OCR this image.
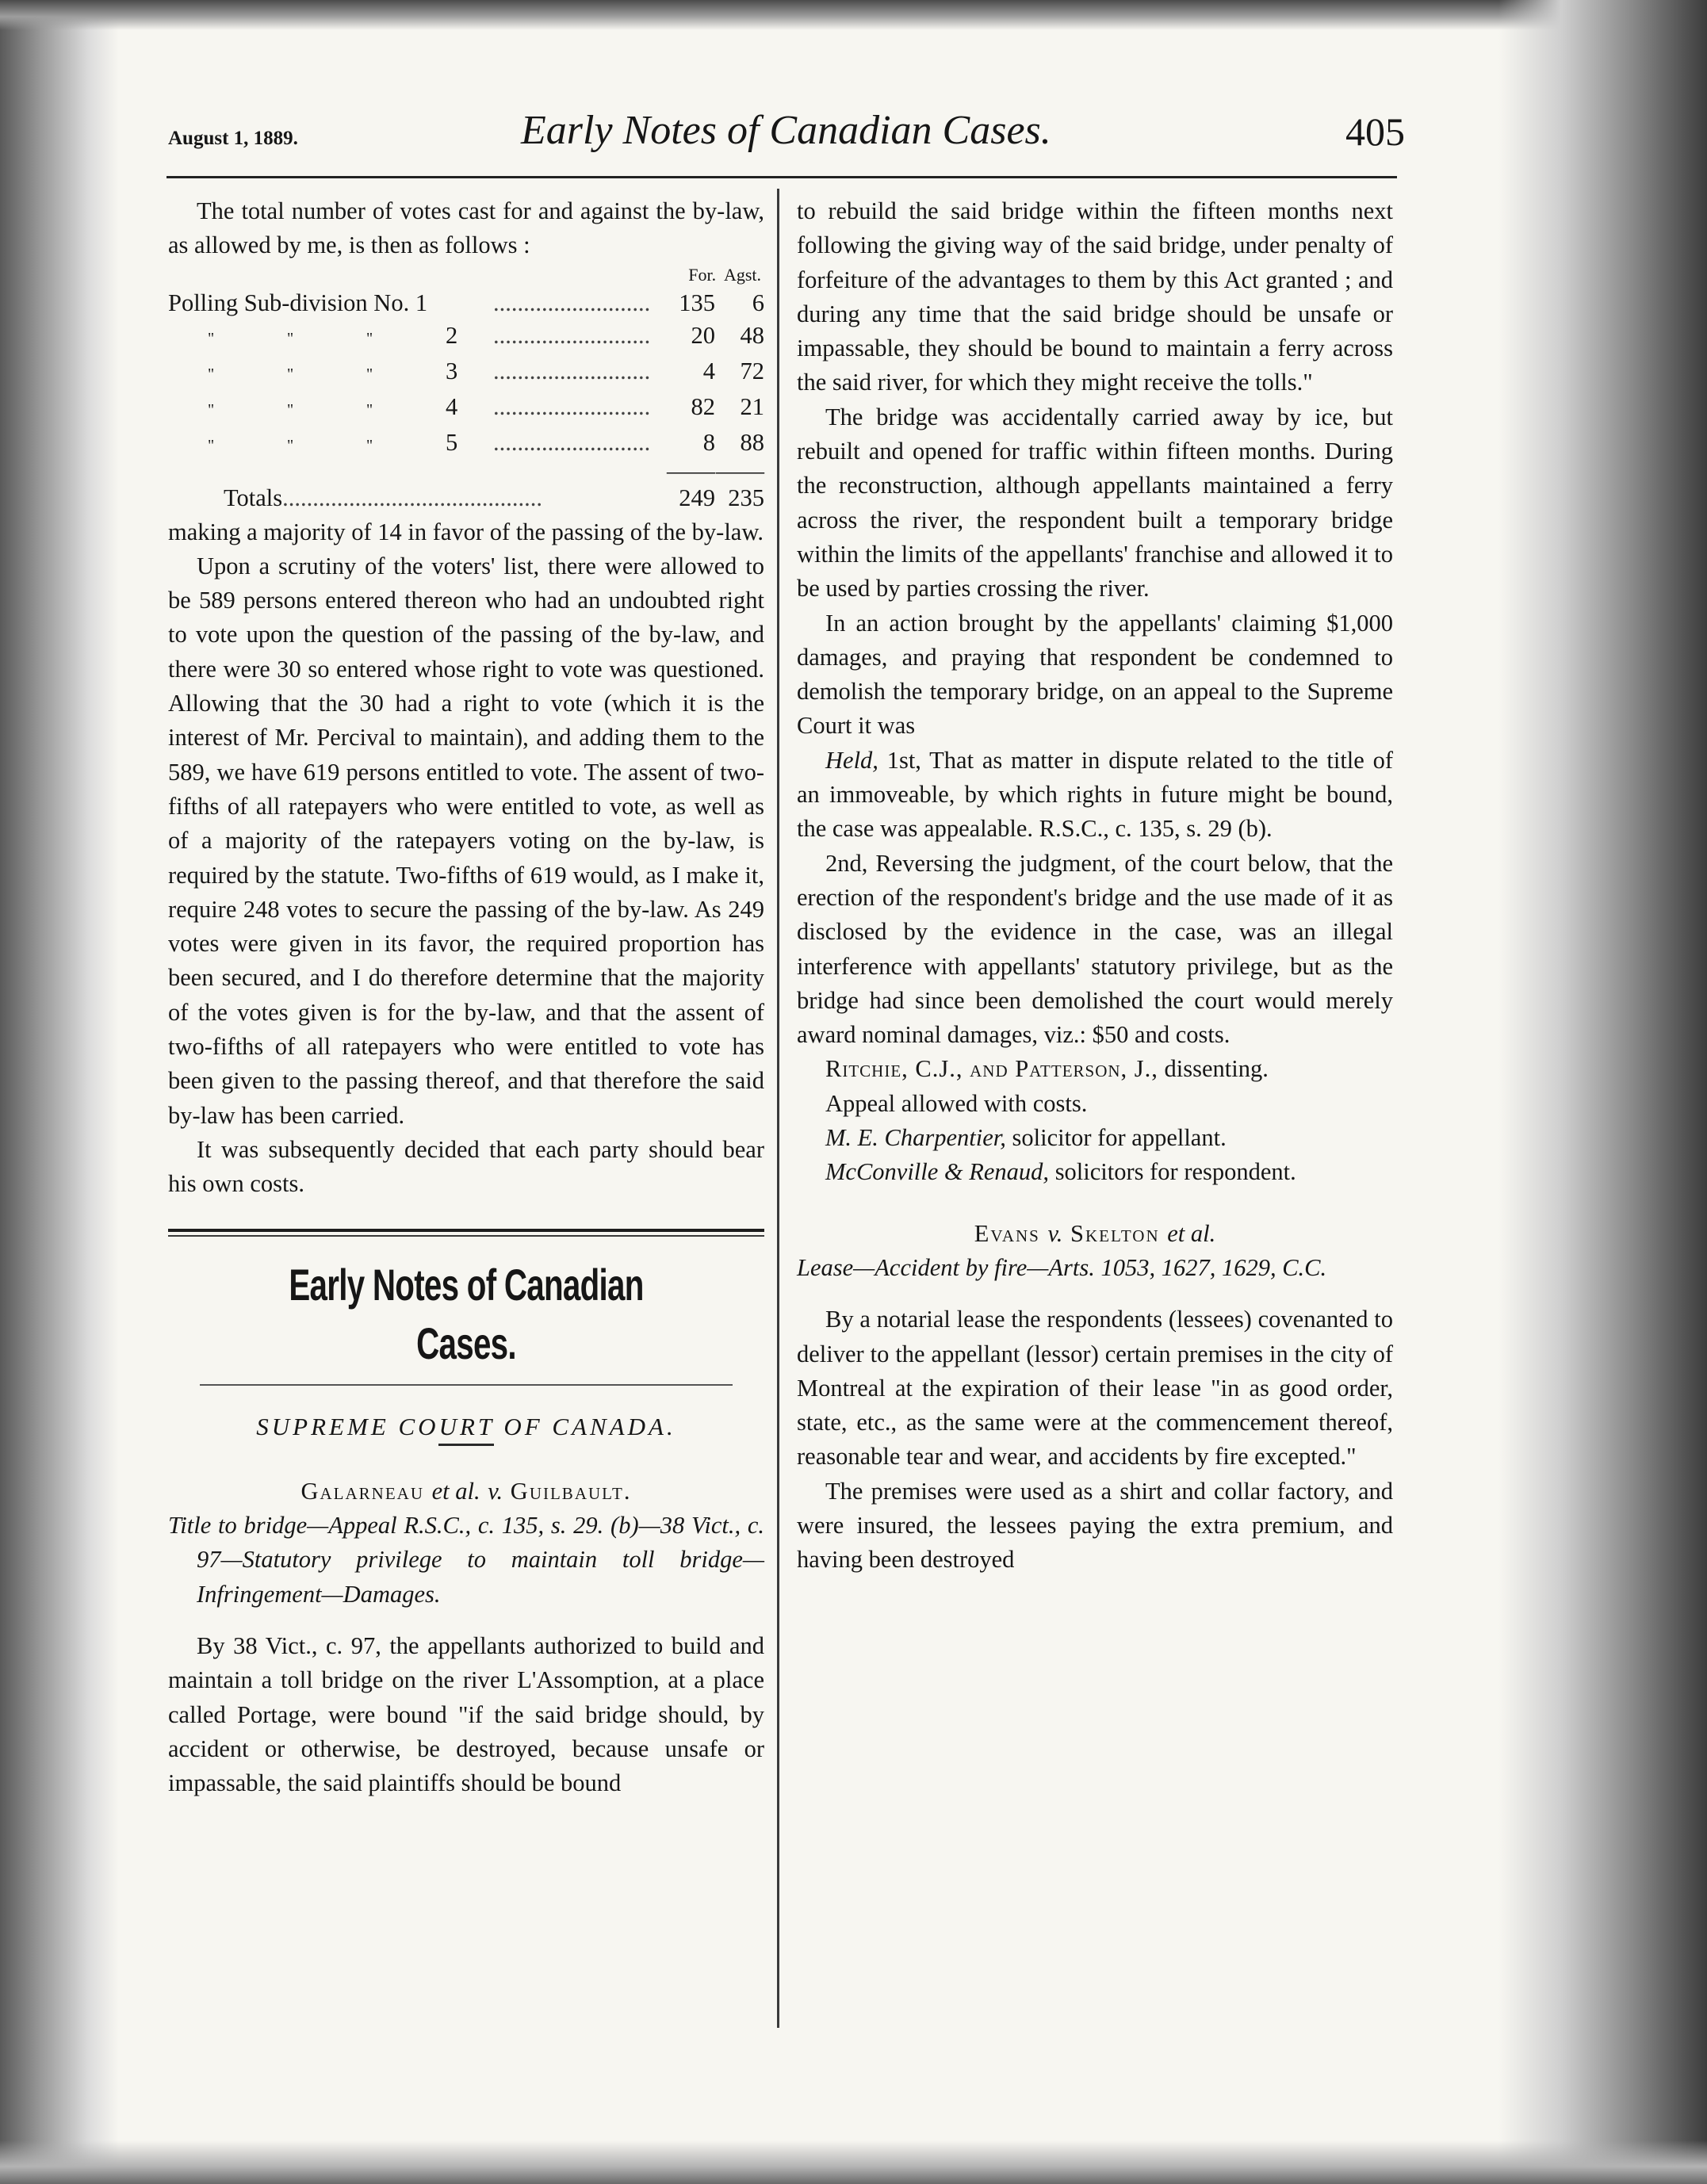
August 1, 1889.	Early Notes of Canadian Cases.	405

The total number of votes cast for and against the by-law, as allowed by me, is then as follows :

For. Agst.
Polling Sub-division No. 1	..........................	135	6
"	"	"	2	..........................	20	48
"	"	"	3	..........................	4	72
"	"	"	4	..........................	82	21
"	"	"	5	..........................	8	88
—— ——
Totals ...........................................	249 235

making a majority of 14 in favor of the passing of the by-law.

Upon a scrutiny of the voters' list, there were allowed to be 589 persons entered thereon who had an undoubted right to vote upon the question of the passing of the by-law, and there were 30 so entered whose right to vote was questioned. Allowing that the 30 had a right to vote (which it is the interest of Mr. Percival to maintain), and adding them to the 589, we have 619 persons entitled to vote. The assent of two-fifths of all ratepayers who were entitled to vote, as well as of a majority of the ratepayers voting on the by-law, is required by the statute. Two-fifths of 619 would, as I make it, require 248 votes to secure the passing of the by-law. As 249 votes were given in its favor, the required proportion has been secured, and I do therefore determine that the majority of the votes given is for the by-law, and that the assent of two-fifths of all ratepayers who were entitled to vote has been given to the passing thereof, and that therefore the said by-law has been carried.

It was subsequently decided that each party should bear his own costs.

Early Notes of Canadian Cases.

SUPREME COURT OF CANADA.

Galarneau et al. v. Guilbault.

Title to bridge—Appeal R.S.C., c. 135, s. 29. (b)—38 Vict., c. 97—Statutory privilege to maintain toll bridge—Infringement—Damages.

By 38 Vict., c. 97, the appellants authorized to build and maintain a toll bridge on the river L'Assomption, at a place called Portage, were bound "if the said bridge should, by accident or otherwise, be destroyed, because unsafe or impassable, the said plaintiffs should be bound

to rebuild the said bridge within the fifteen months next following the giving way of the said bridge, under penalty of forfeiture of the advantages to them by this Act granted ; and during any time that the said bridge should be unsafe or impassable, they should be bound to maintain a ferry across the said river, for which they might receive the tolls."

The bridge was accidentally carried away by ice, but rebuilt and opened for traffic within fifteen months. During the reconstruction, although appellants maintained a ferry across the river, the respondent built a temporary bridge within the limits of the appellants' franchise and allowed it to be used by parties crossing the river.

In an action brought by the appellants' claiming $1,000 damages, and praying that respondent be condemned to demolish the temporary bridge, on an appeal to the Supreme Court it was

Held, 1st, That as matter in dispute related to the title of an immoveable, by which rights in future might be bound, the case was appealable. R.S.C., c. 135, s. 29 (b).

2nd, Reversing the judgment, of the court below, that the erection of the respondent's bridge and the use made of it as disclosed by the evidence in the case, was an illegal interference with appellants' statutory privilege, but as the bridge had since been demolished the court would merely award nominal damages, viz.: $50 and costs.

Ritchie, C.J., and Patterson, J., dissenting.

Appeal allowed with costs.

M. E. Charpentier, solicitor for appellant.

McConville & Renaud, solicitors for respondent.

Evans v. Skelton et al.

Lease—Accident by fire—Arts. 1053, 1627, 1629, C.C.

By a notarial lease the respondents (lessees) covenanted to deliver to the appellant (lessor) certain premises in the city of Montreal at the expiration of their lease "in as good order, state, etc., as the same were at the commencement thereof, reasonable tear and wear, and accidents by fire excepted."

The premises were used as a shirt and collar factory, and were insured, the lessees paying the extra premium, and having been destroyed
